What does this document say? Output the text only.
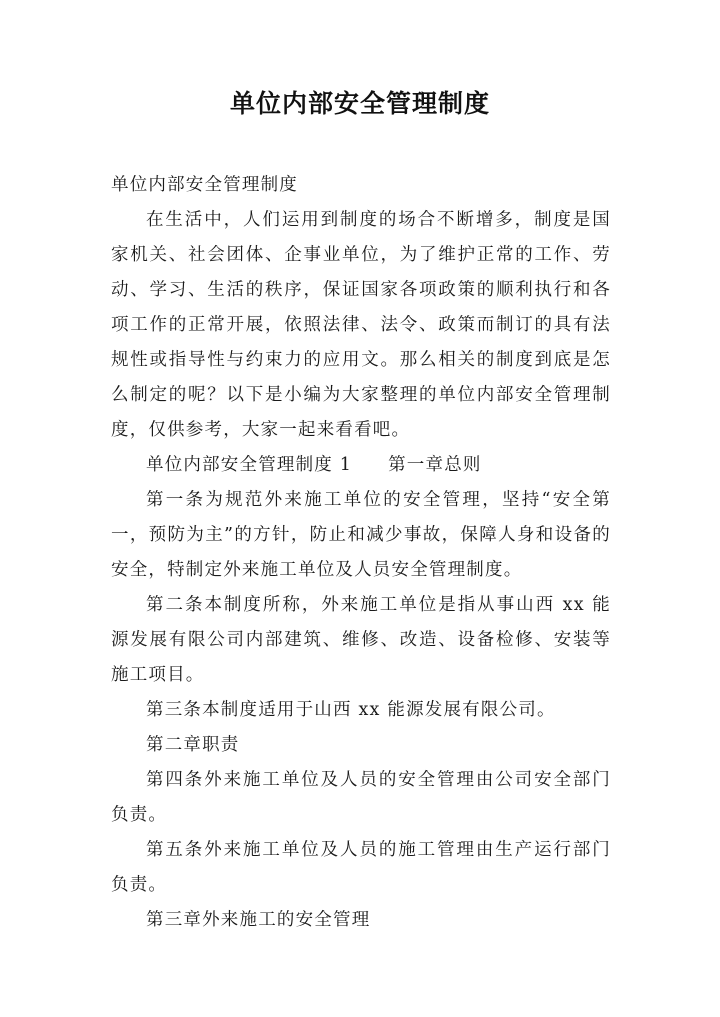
单位内部安全管理制度

单位内部安全管理制度

在生活中，人们运用到制度的场合不断增多，制度是国家机关、社会团体、企事业单位，为了维护正常的工作、劳动、学习、生活的秩序，保证国家各项政策的顺利执行和各项工作的正常开展，依照法律、法令、政策而制订的具有法规性或指导性与约束力的应用文。那么相关的制度到底是怎么制定的呢？以下是小编为大家整理的单位内部安全管理制度，仅供参考，大家一起来看看吧。

单位内部安全管理制度 1 第一章总则

第一条为规范外来施工单位的安全管理，坚持“安全第一，预防为主”的方针，防止和减少事故，保障人身和设备的安全，特制定外来施工单位及人员安全管理制度。

第二条本制度所称，外来施工单位是指从事山西 xx 能源发展有限公司内部建筑、维修、改造、设备检修、安装等施工项目。

第三条本制度适用于山西 xx 能源发展有限公司。

第二章职责

第四条外来施工单位及人员的安全管理由公司安全部门负责。

第五条外来施工单位及人员的施工管理由生产运行部门负责。

第三章外来施工的安全管理
